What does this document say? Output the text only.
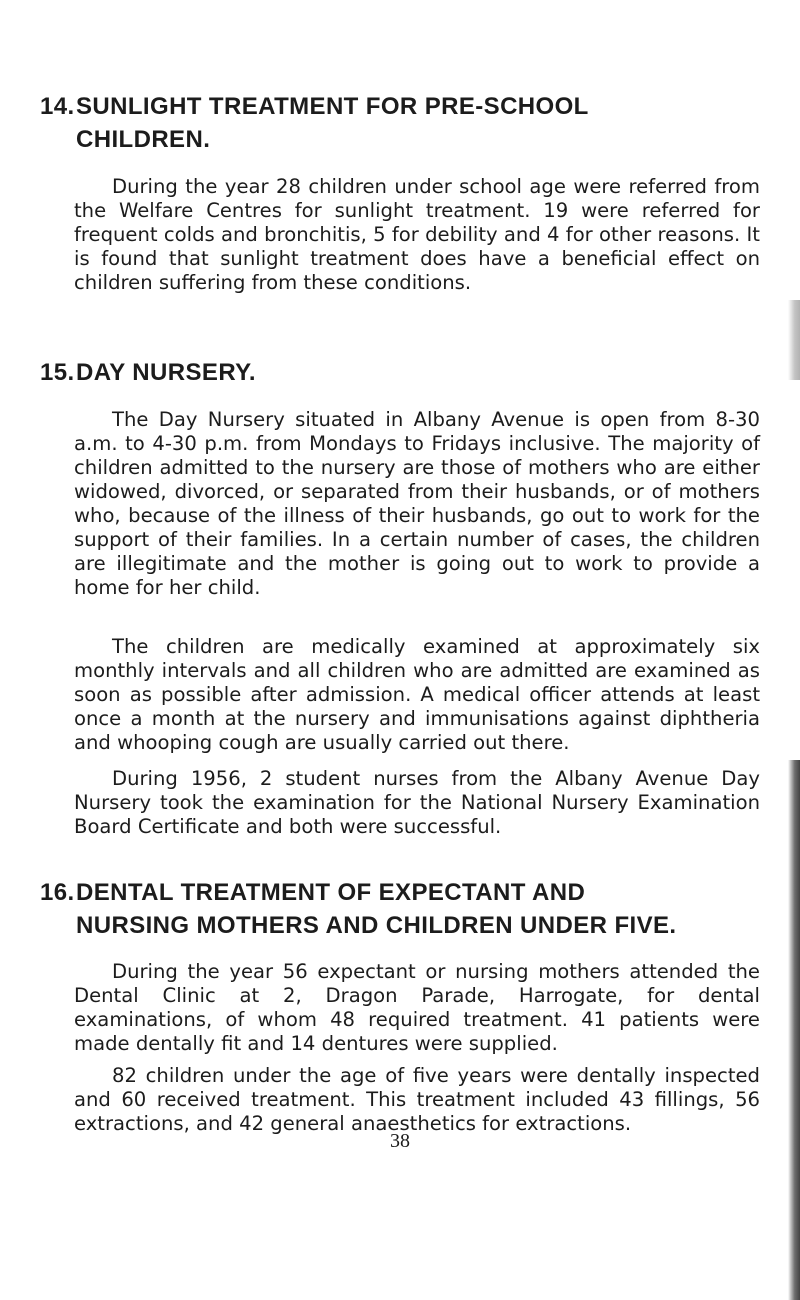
14.SUNLIGHT TREATMENT FOR PRE-SCHOOL
CHILDREN.

During the year 28 children under school age were referred from the Welfare Centres for sunlight treatment. 19 were referred for frequent colds and bronchitis, 5 for debility and 4 for other reasons. It is found that sunlight treatment does have a beneficial effect on children suffering from these conditions.

15.DAY NURSERY.

The Day Nursery situated in Albany Avenue is open from 8-30 a.m. to 4-30 p.m. from Mondays to Fridays inclusive. The majority of children admitted to the nursery are those of mothers who are either widowed, divorced, or separated from their husbands, or of mothers who, because of the illness of their husbands, go out to work for the support of their families. In a certain number of cases, the children are illegitimate and the mother is going out to work to provide a home for her child.

The children are medically examined at approximately six monthly intervals and all children who are admitted are examined as soon as possible after admission. A medical officer attends at least once a month at the nursery and immunisations against diphtheria and whooping cough are usually carried out there.

During 1956, 2 student nurses from the Albany Avenue Day Nursery took the examination for the National Nursery Examination Board Certificate and both were successful.

16.DENTAL TREATMENT OF EXPECTANT AND
NURSING MOTHERS AND CHILDREN UNDER FIVE.

During the year 56 expectant or nursing mothers attended the Dental Clinic at 2, Dragon Parade, Harrogate, for dental examinations, of whom 48 required treatment. 41 patients were made dentally fit and 14 dentures were supplied.

82 children under the age of five years were dentally inspected and 60 received treatment. This treatment included 43 fillings, 56 extractions, and 42 general anaesthetics for extractions.

38
